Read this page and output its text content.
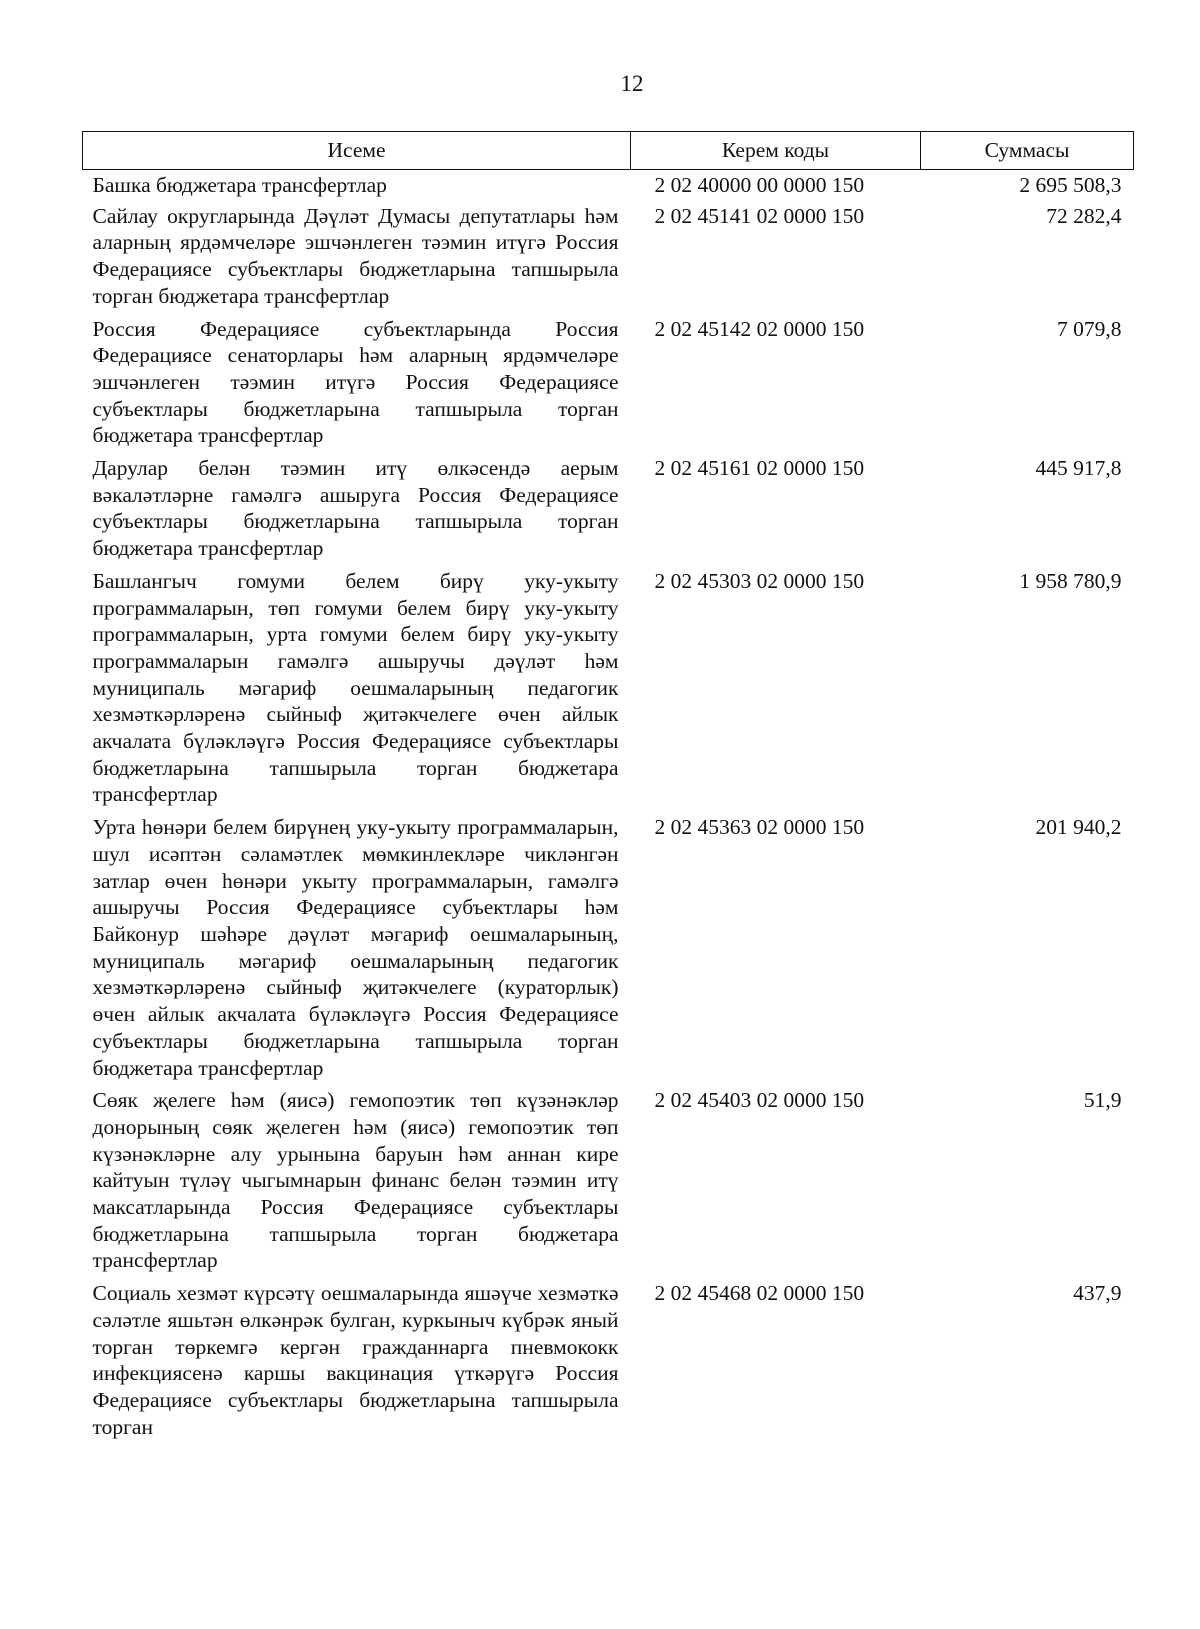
12
Исеме	Керем коды	Суммасы
Башка бюджетара трансфертлар	2 02 40000 00 0000 150	2 695 508,3
Сайлау округларында Дәүләт Думасы депутатлары һәм аларның ярдәмчеләре эшчәнлеген тәэмин итүгә Россия Федерациясе субъектлары бюджетларына тапшырыла торган бюджетара трансфертлар	2 02 45141 02 0000 150	72 282,4
Россия Федерациясе субъектларында Россия Федерациясе сенаторлары һәм аларның ярдәмчеләре эшчәнлеген тәэмин итүгә Россия Федерациясе субъектлары бюджетларына тапшырыла торган бюджетара трансфертлар	2 02 45142 02 0000 150	7 079,8
Дарулар белән тәэмин итү өлкәсендә аерым вәкаләтләрне гамәлгә ашыруга Россия Федерациясе субъектлары бюджетларына тапшырыла торган бюджетара трансфертлар	2 02 45161 02 0000 150	445 917,8
Башлангыч гомуми белем бирү уку-укыту программаларын, төп гомуми белем бирү уку-укыту программаларын, урта гомуми белем бирү уку-укыту программаларын гамәлгә ашыручы дәүләт һәм муниципаль мәгариф оешмаларының педагогик хезмәткәрләренә сыйныф җитәкчелеге өчен айлык акчалата бүләкләүгә Россия Федерациясе субъектлары бюджетларына тапшырыла торган бюджетара трансфертлар	2 02 45303 02 0000 150	1 958 780,9
Урта һөнәри белем бирүнең уку-укыту программаларын, шул исәптән сәламәтлек мөмкинлекләре чикләнгән затлар өчен һөнәри укыту программаларын, гамәлгә ашыручы Россия Федерациясе субъектлары һәм Байконур шәһәре дәүләт мәгариф оешмаларының, муниципаль мәгариф оешмаларының педагогик хезмәткәрләренә сыйныф җитәкчелеге (кураторлык) өчен айлык акчалата бүләкләүгә Россия Федерациясе субъектлары бюджетларына тапшырыла торган бюджетара трансфертлар	2 02 45363 02 0000 150	201 940,2
Сөяк җелеге һәм (яисә) гемопоэтик төп күзәнәкләр донорының сөяк җелеген һәм (яисә) гемопоэтик төп күзәнәкләрне алу урынына баруын һәм аннан кире кайтуын түләү чыгымнарын финанс белән тәэмин итү максатларында Россия Федерациясе субъектлары бюджетларына тапшырыла торган бюджетара трансфертлар	2 02 45403 02 0000 150	51,9
Социаль хезмәт күрсәтү оешмаларында яшәүче хезмәткә сәләтле яшьтән өлкәнрәк булган, куркыныч күбрәк яный торган төркемгә кергән гражданнарга пневмококк инфекциясенә каршы вакцинация үткәрүгә Россия Федерациясе субъектлары бюджетларына тапшырыла торган	2 02 45468 02 0000 150	437,9
